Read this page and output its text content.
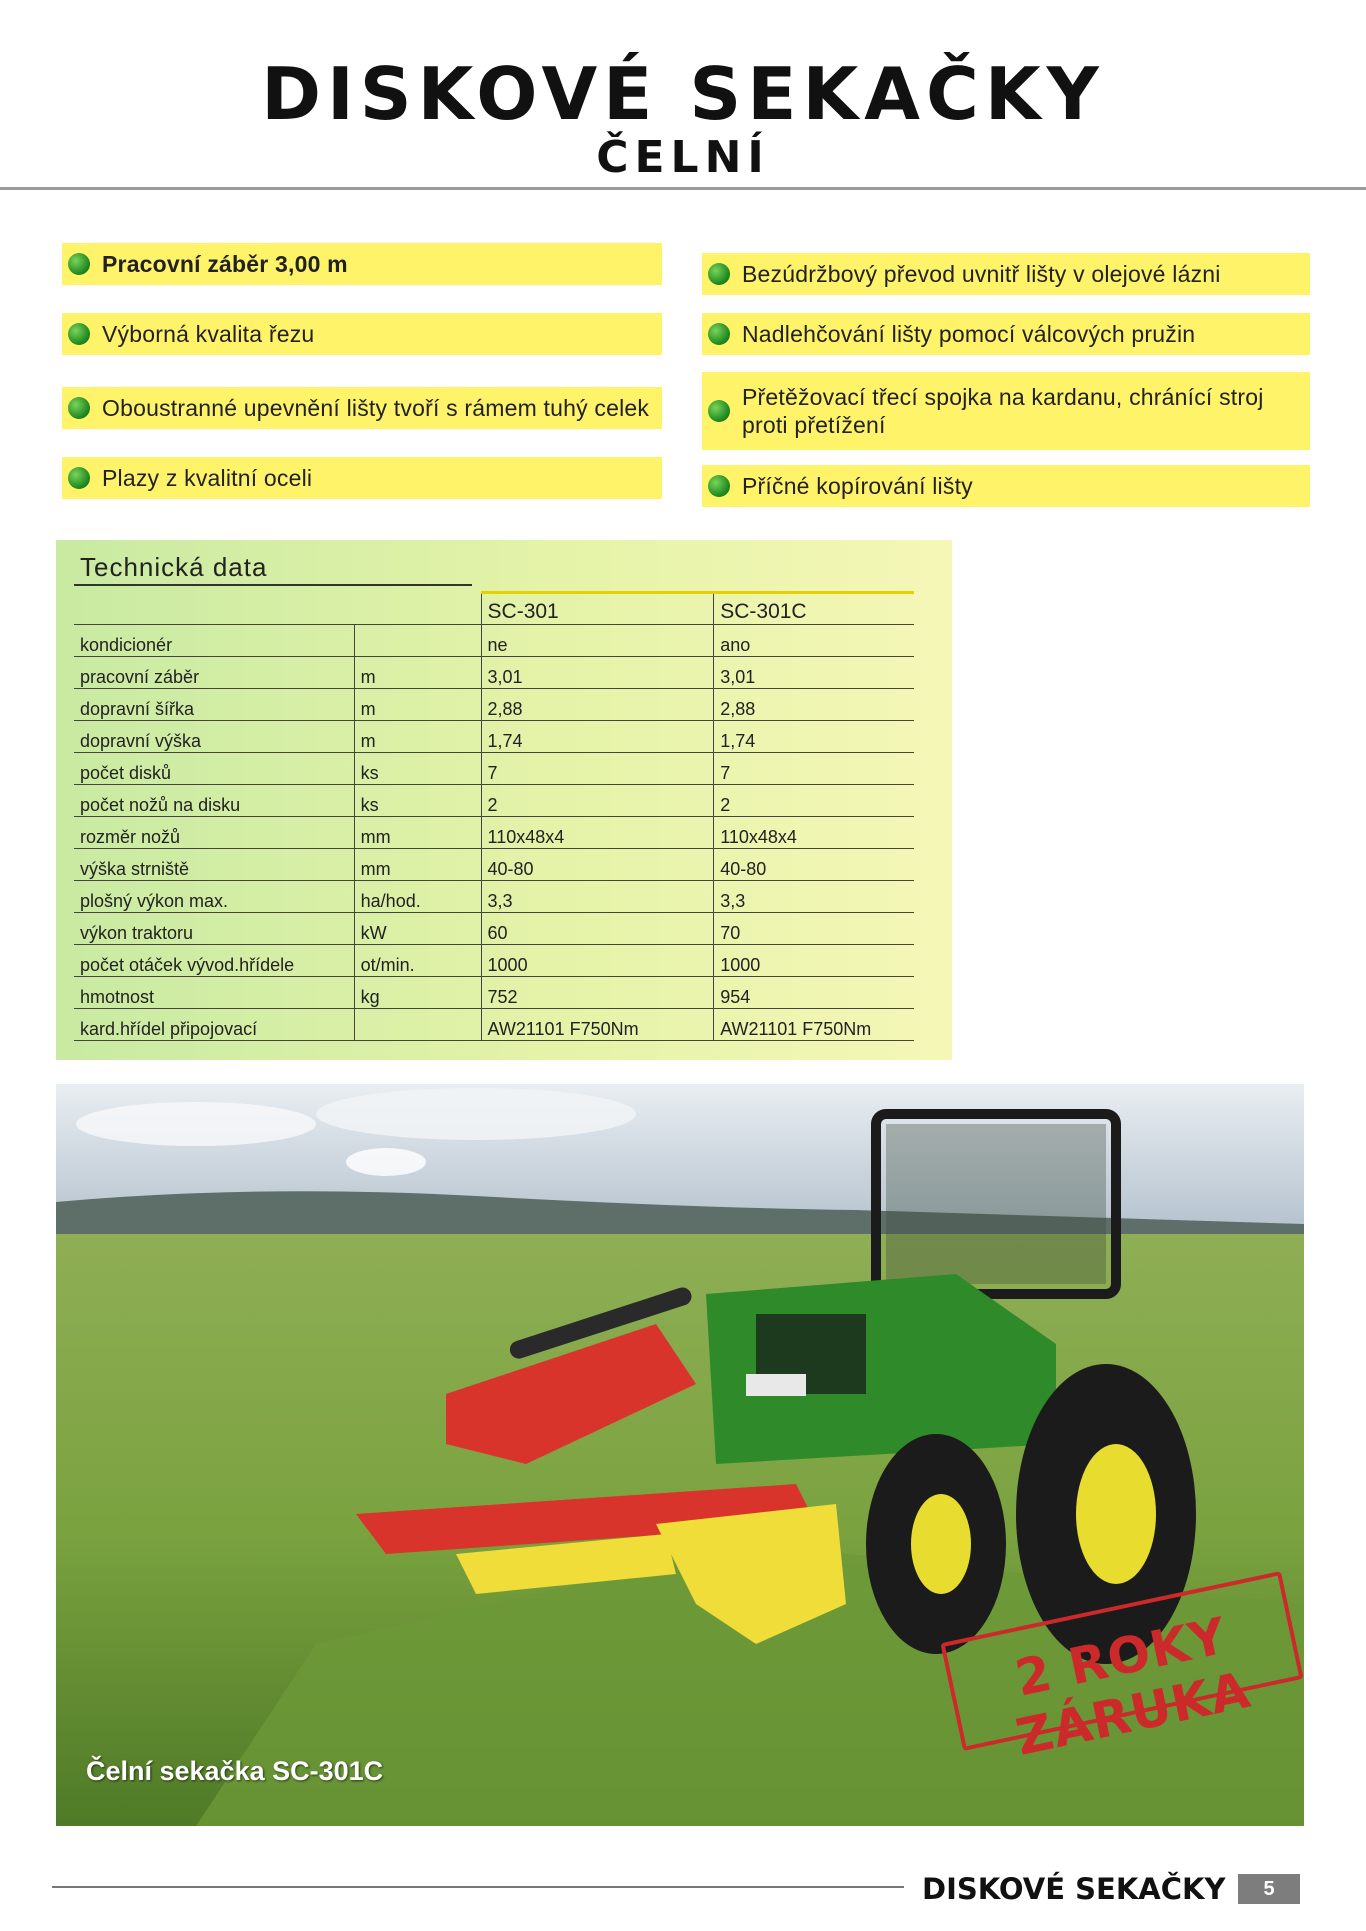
DISKOVÉ SEKAČKY
ČELNÍ
Pracovní záběr 3,00 m
Výborná kvalita řezu
Oboustranné upevnění lišty tvoří s rámem tuhý celek
Plazy z kvalitní oceli
Bezúdržbový převod uvnitř lišty v olejové lázni
Nadlehčování lišty pomocí válcových pružin
Přetěžovací třecí spojka na kardanu, chránící stroj proti přetížení
Příčné kopírování lišty
Technická data
		SC-301	SC-301C
kondicionér		ne	ano
pracovní záběr	m	3,01	3,01
dopravní šířka	m	2,88	2,88
dopravní výška	m	1,74	1,74
počet disků	ks	7	7
počet nožů na disku	ks	2	2
rozměr nožů	mm	110x48x4	110x48x4
výška strniště	mm	40-80	40-80
plošný výkon max.	ha/hod.	3,3	3,3
výkon traktoru	kW	60	70
počet otáček vývod.hřídele	ot/min.	1000	1000
hmotnost	kg	752	954
kard.hřídel připojovací		AW21101 F750Nm	AW21101 F750Nm
Čelní sekačka SC-301C
2 ROKY ZÁRUKA
DISKOVÉ SEKAČKY	5
